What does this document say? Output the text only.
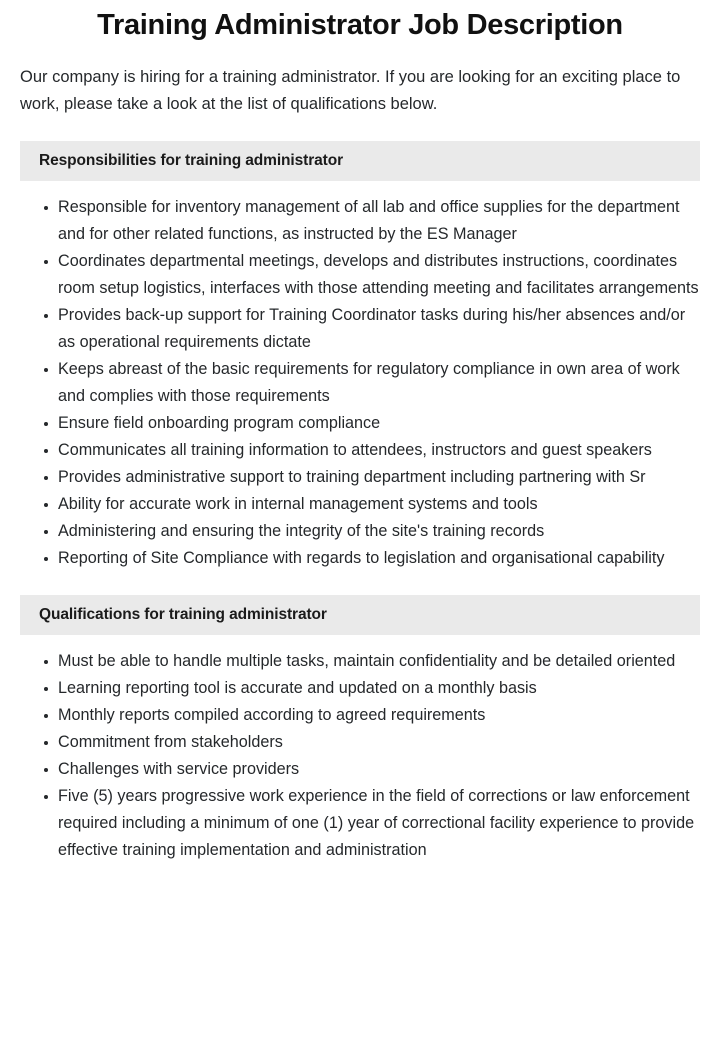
Training Administrator Job Description

Our company is hiring for a training administrator. If you are looking for an exciting place to work, please take a look at the list of qualifications below.

Responsibilities for training administrator
Responsible for inventory management of all lab and office supplies for the department and for other related functions, as instructed by the ES Manager
Coordinates departmental meetings, develops and distributes instructions, coordinates room setup logistics, interfaces with those attending meeting and facilitates arrangements
Provides back-up support for Training Coordinator tasks during his/her absences and/or as operational requirements dictate
Keeps abreast of the basic requirements for regulatory compliance in own area of work and complies with those requirements
Ensure field onboarding program compliance
Communicates all training information to attendees, instructors and guest speakers
Provides administrative support to training department including partnering with Sr
Ability for accurate work in internal management systems and tools
Administering and ensuring the integrity of the site's training records
Reporting of Site Compliance with regards to legislation and organisational capability
Qualifications for training administrator
Must be able to handle multiple tasks, maintain confidentiality and be detailed oriented
Learning reporting tool is accurate and updated on a monthly basis
Monthly reports compiled according to agreed requirements
Commitment from stakeholders
Challenges with service providers
Five (5) years progressive work experience in the field of corrections or law enforcement required including a minimum of one (1) year of correctional facility experience to provide effective training implementation and administration
